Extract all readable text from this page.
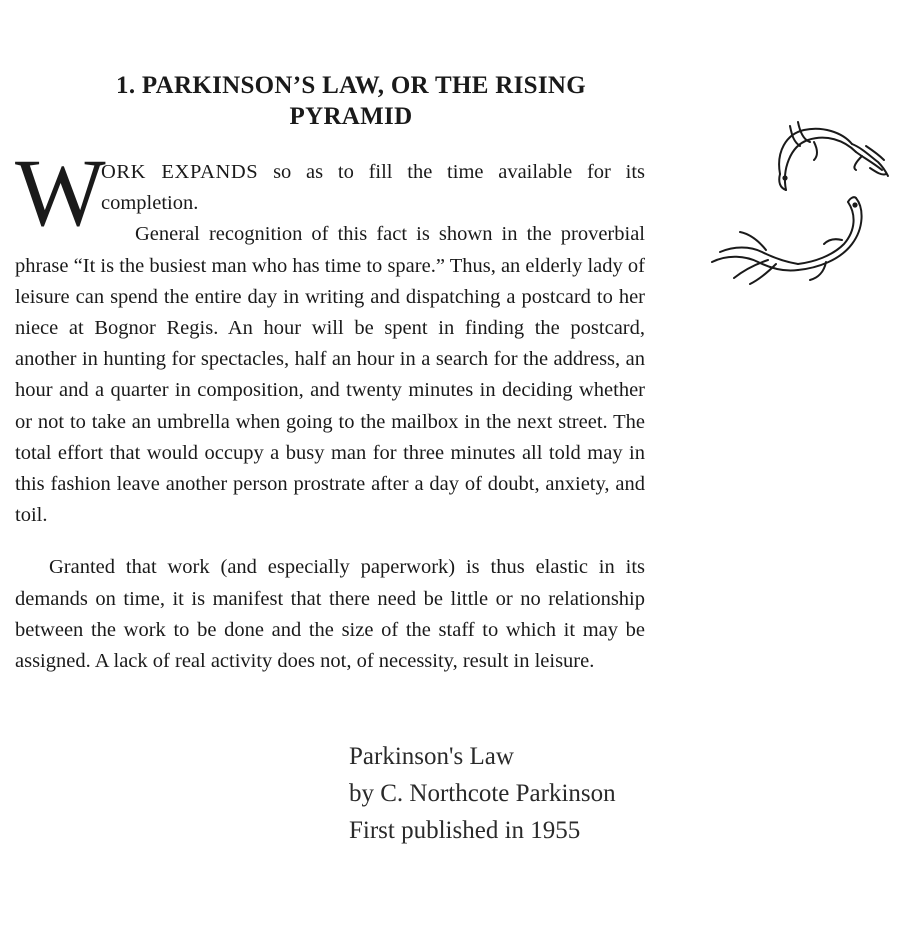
1. PARKINSON’S LAW, OR THE RISING
PYRAMID

W
ORK EXPANDS so as to fill the time available for its completion.

General recognition of this fact is shown in the proverbial phrase “It is the busiest man who has time to spare.” Thus, an elderly lady of leisure can spend the entire day in writing and dispatching a postcard to her niece at Bognor Regis. An hour will be spent in finding the postcard, another in hunting for spectacles, half an hour in a search for the address, an hour and a quarter in composition, and twenty minutes in deciding whether or not to take an umbrella when going to the mailbox in the next street. The total effort that would occupy a busy man for three minutes all told may in this fashion leave another person prostrate after a day of doubt, anxiety, and toil.

Granted that work (and especially paperwork) is thus elastic in its demands on time, it is manifest that there need be little or no relationship between the work to be done and the size of the staff to which it may be assigned. A lack of real activity does not, of necessity, result in leisure.

Parkinson's Law
by C. Northcote Parkinson
First published in 1955
